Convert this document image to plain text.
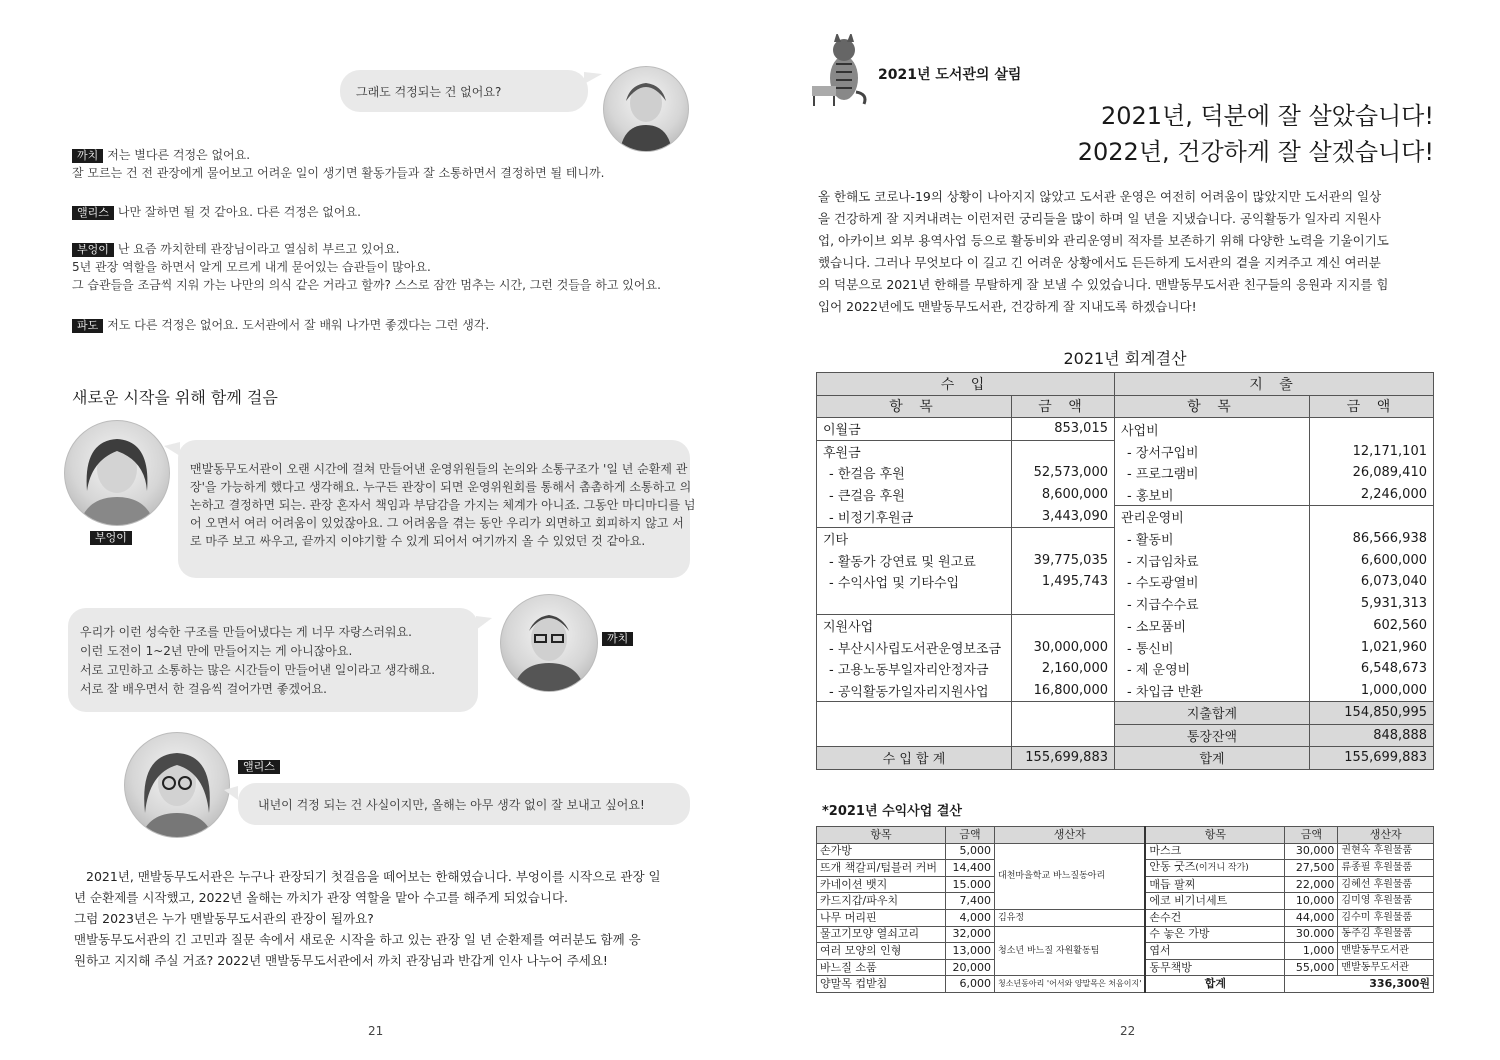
그래도 걱정되는 건 없어요?
까치 저는 별다른 걱정은 없어요.
잘 모르는 건 전 관장에게 물어보고 어려운 일이 생기면 활동가들과 잘 소통하면서 결정하면 될 테니까.
앨리스 나만 잘하면 될 것 같아요. 다른 걱정은 없어요.
부엉이 난 요즘 까치한테 관장님이라고 열심히 부르고 있어요.
5년 관장 역할을 하면서 알게 모르게 내게 묻어있는 습관들이 많아요.
그 습관들을 조금씩 지워 가는 나만의 의식 같은 거라고 할까? 스스로 잠깐 멈추는 시간, 그런 것들을 하고 있어요.
파도 저도 다른 걱정은 없어요. 도서관에서 잘 배워 나가면 좋겠다는 그런 생각.
새로운 시작을 위해 함께 걸음
부엉이
맨발동무도서관이 오랜 시간에 걸쳐 만들어낸 운영위원들의 논의와 소통구조가 '일 년 순환제 관
장'을 가능하게 했다고 생각해요. 누구든 관장이 되면 운영위원회를 통해서 촘촘하게 소통하고 의
논하고 결정하면 되는. 관장 혼자서 책임과 부담감을 가지는 체계가 아니죠. 그동안 마디마디를 넘
어 오면서 여러 어려움이 있었잖아요. 그 어려움을 겪는 동안 우리가 외면하고 회피하지 않고 서
로 마주 보고 싸우고, 끝까지 이야기할 수 있게 되어서 여기까지 올 수 있었던 것 같아요.
우리가 이런 성숙한 구조를 만들어냈다는 게 너무 자랑스러워요.
이런 도전이 1~2년 만에 만들어지는 게 아니잖아요.
서로 고민하고 소통하는 많은 시간들이 만들어낸 일이라고 생각해요.
서로 잘 배우면서 한 걸음씩 걸어가면 좋겠어요.
까치
앨리스
내년이 걱정 되는 건 사실이지만, 올해는 아무 생각 없이 잘 보내고 싶어요!
2021년, 맨발동무도서관은 누구나 관장되기 첫걸음을 떼어보는 한해였습니다. 부엉이를 시작으로 관장 일
년 순환제를 시작했고, 2022년 올해는 까치가 관장 역할을 맡아 수고를 해주게 되었습니다.
그럼 2023년은 누가 맨발동무도서관의 관장이 될까요?
맨발동무도서관의 긴 고민과 질문 속에서 새로운 시작을 하고 있는 관장 일 년 순환제를 여러분도 함께 응
원하고 지지해 주실 거죠? 2022년 맨발동무도서관에서 까치 관장님과 반갑게 인사 나누어 주세요!
21
2021년 도서관의 살림
2021년, 덕분에 잘 살았습니다!
2022년, 건강하게 잘 살겠습니다!
올 한해도 코로나-19의 상황이 나아지지 않았고 도서관 운영은 여전히 어려움이 많았지만 도서관의 일상
을 건강하게 잘 지켜내려는 이런저런 궁리들을 많이 하며 일 년을 지냈습니다. 공익활동가 일자리 지원사
업, 아카이브 외부 용역사업 등으로 활동비와 관리운영비 적자를 보존하기 위해 다양한 노력을 기울이기도
했습니다. 그러나 무엇보다 이 길고 긴 어려운 상황에서도 든든하게 도서관의 곁을 지켜주고 계신 여러분
의 덕분으로 2021년 한해를 무탈하게 잘 보낼 수 있었습니다. 맨발동무도서관 친구들의 응원과 지지를 힘
입어 2022년에도 맨발동무도서관, 건강하게 잘 지내도록 하겠습니다!
2021년 회계결산
수 입		지 출	
항 목	금 액	항 목	금 액
이월금	853,015	사업비	
후원금		- 장서구입비	12,171,101
- 한걸음 후원	52,573,000	- 프로그램비	26,089,410
- 큰걸음 후원	8,600,000	- 홍보비	2,246,000
- 비정기후원금	3,443,090	관리운영비	
기타		- 활동비	86,566,938
- 활동가 강연료 및 원고료	39,775,035	- 지급임차료	6,600,000
- 수익사업 및 기타수입	1,495,743	- 수도광열비	6,073,040
		- 지급수수료	5,931,313
지원사업		- 소모품비	602,560
- 부산시사립도서관운영보조금	30,000,000	- 통신비	1,021,960
- 고용노동부일자리안정자금	2,160,000	- 제 운영비	6,548,673
- 공익활동가일자리지원사업	16,800,000	- 차입금 반환	1,000,000
		지출합계	154,850,995
		통장잔액	848,888
수 입 합 계	155,699,883	합계	155,699,883
*2021년 수익사업 결산
항목	금액	생산자	항목	금액	생산자
손가방	5,000	대천마을학교 바느질동아리	마스크	30,000	권현옥 후원물품
뜨개 책갈피/텀블러 커버	14,400		안동 굿즈(이거니 작가)	27,500	류종필 후원물품
카네이션 뱃지	15.000		매듭 팔찌	22,000	김혜선 후원물품
카드지갑/파우치	7,400		에코 비기너세트	10,000	김미영 후원물품
나무 머리핀	4,000	김유정	손수건	44,000	김수미 후원물품
물고기모양 열쇠고리	32,000	청소년 바느질 자원활동팀	수 놓은 가방	30.000	동주김 후원물품
여러 모양의 인형	13,000		엽서	1,000	맨발동무도서관
바느질 소품	20,000		동무책방	55,000	맨발동무도서관
양말목 컵받침	6,000	청소년동아리 '어서와 양말목은 처음이지'	합계	336,300원	
22
